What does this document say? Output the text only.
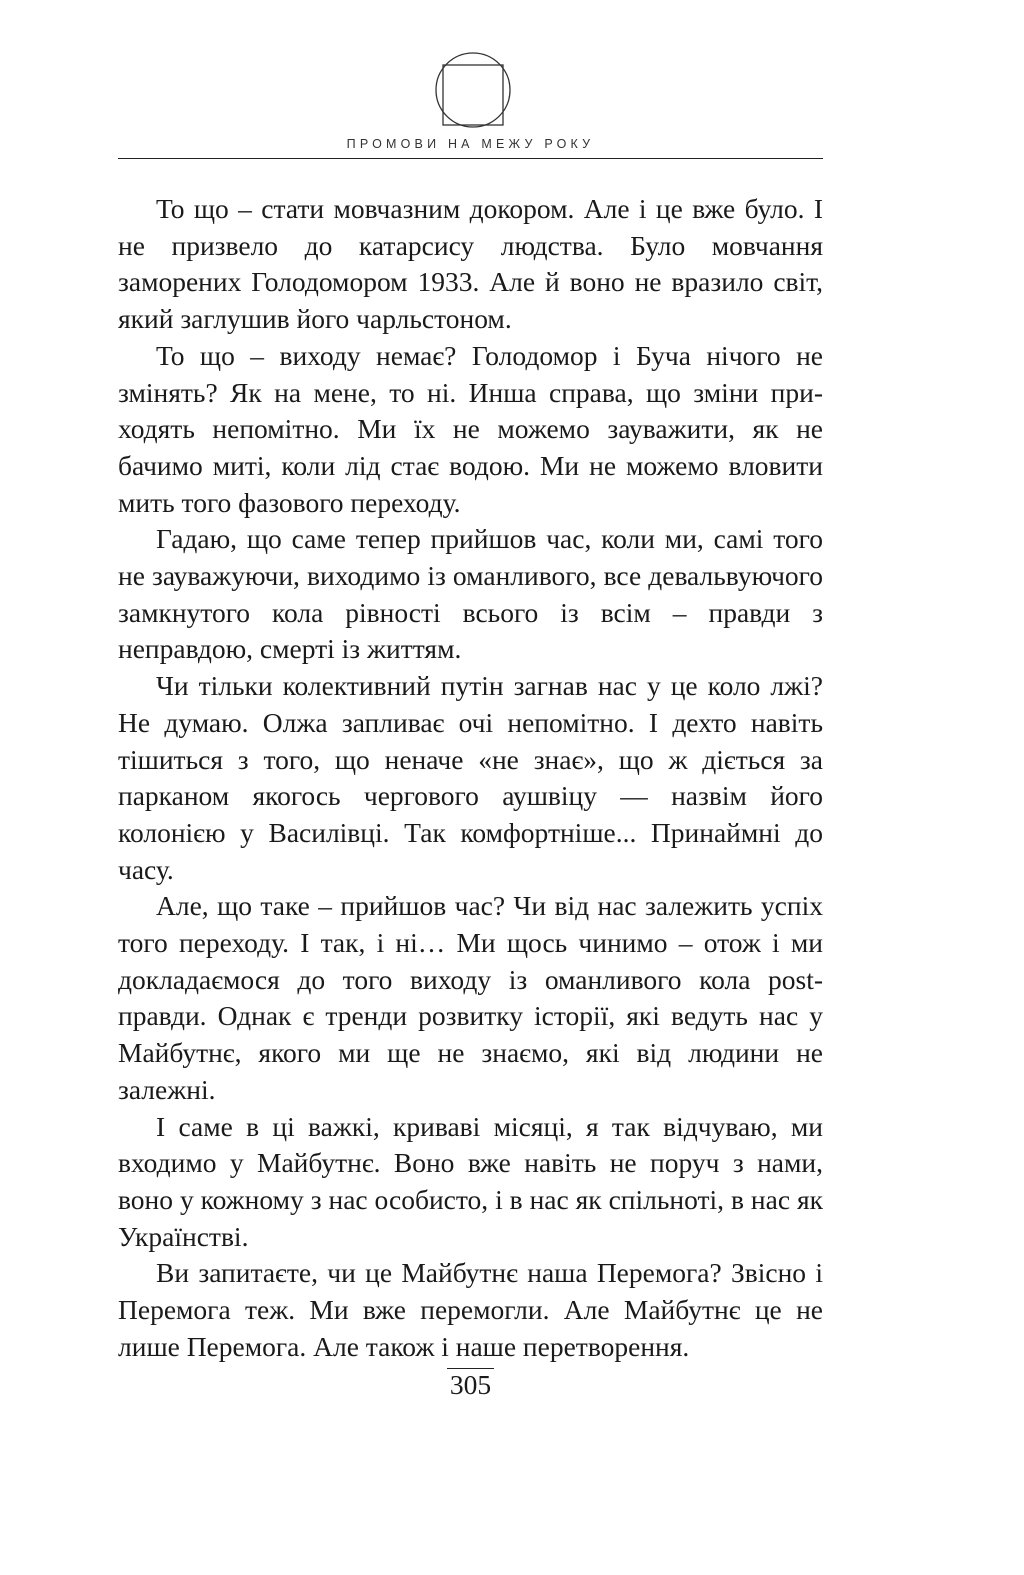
ПРОМОВИ НА МЕЖУ РОКУ

То що – стати мовчазним докором. Але і це вже було. І не призвело до катарсису людства. Було мовчання заморених Голодомором 1933. Але й воно не вразило світ, який заглушив його чарльстоном.

То що – виходу немає? Голодомор і Буча нічого не змінять? Як на мене, то ні. Инша справа, що зміни приходять непомітно. Ми їх не можемо зауважити, як не бачимо миті, коли лід стає водою. Ми не можемо вловити мить того фазового переходу.

Гадаю, що саме тепер прийшов час, коли ми, самі того не зауважуючи, виходимо із оманливого, все девальвуючого замкнутого кола рівності всього із всім – правди з неправдою, смерті із життям.

Чи тільки колективний путін загнав нас у це коло лжі? Не думаю. Олжа запливає очі непомітно. І дехто навіть тішиться з того, що неначе «не знає», що ж діється за парканом якогось чергового аушвіцу — назвім його колонією у Василівці. Так комфортніше... Принаймні до часу.

Але, що таке – прийшов час? Чи від нас залежить успіх того переходу. І так, і ні… Ми щось чинимо – отож і ми докладаємося до того виходу із оманливого кола post-правди. Однак є тренди розвитку історії, які ведуть нас у Майбутнє, якого ми ще не знаємо, які від людини не залежні.

І саме в ці важкі, криваві місяці, я так відчуваю, ми входимо у Майбутнє. Воно вже навіть не поруч з нами, воно у кожному з нас особисто, і в нас як спільноті, в нас як Українстві.

Ви запитаєте, чи це Майбутнє наша Перемога? Звісно і Перемога теж. Ми вже перемогли. Але Майбутнє це не лише Перемога. Але також і наше перетворення.

305
